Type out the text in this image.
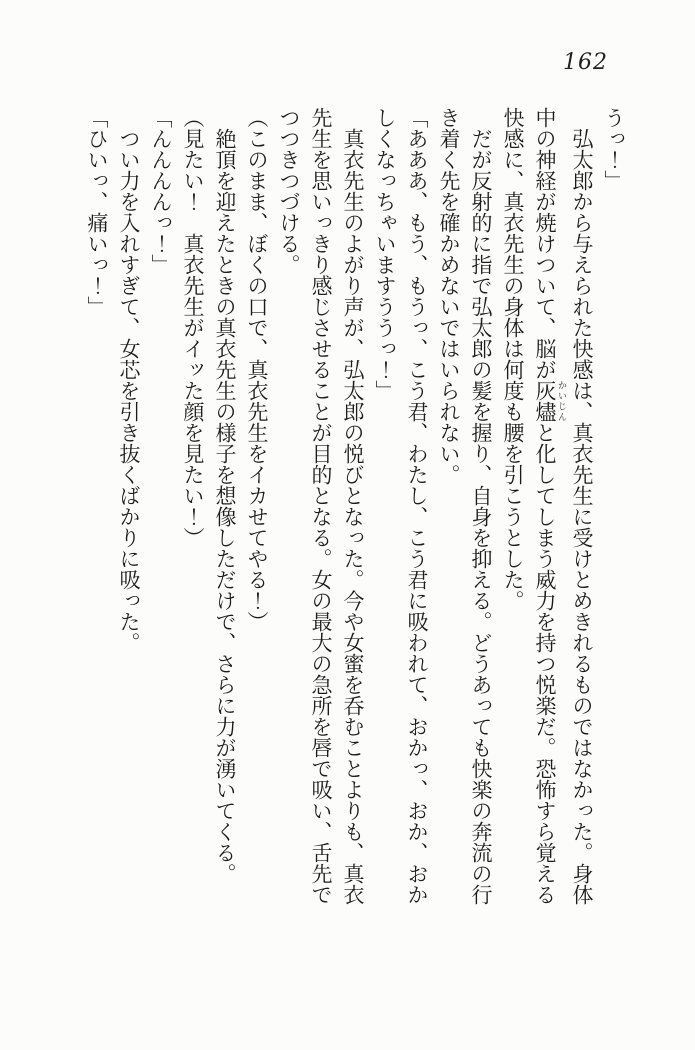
162

うっ！」

弘太郎から与えられた快感は、真衣先生に受けとめきれるものではなかった。身体

中の神経が焼けついて、脳が灰燼 かいじんと化してしまう威力を持つ悦楽だ。恐怖すら覚える

快感に、真衣先生の身体は何度も腰を引こうとした。

だが反射的に指で弘太郎の髪を握り、自身を抑える。どうあっても快楽の奔流の行

き着く先を確かめないではいられない。

「あああ、もう、もうっ、こう君、わたし、こう君に吸われて、おかっ、おか、おか

しくなっちゃいますううっ！」

真衣先生のよがり声が、弘太郎の悦びとなった。今や女蜜を呑むことよりも、真衣

先生を思いっきり感じさせることが目的となる。女の最大の急所を唇で吸い、舌先で

つつきつづける。

（このまま、ぼくの口で、真衣先生をイカせてやる！）

絶頂を迎えたときの真衣先生の様子を想像しただけで、さらに力が湧いてくる。

（見たい！　真衣先生がイッた顔を見たい！）

「んんんんっ！」

つい力を入れすぎて、女芯を引き抜くばかりに吸った。

「ひいっ、痛いっ！」
